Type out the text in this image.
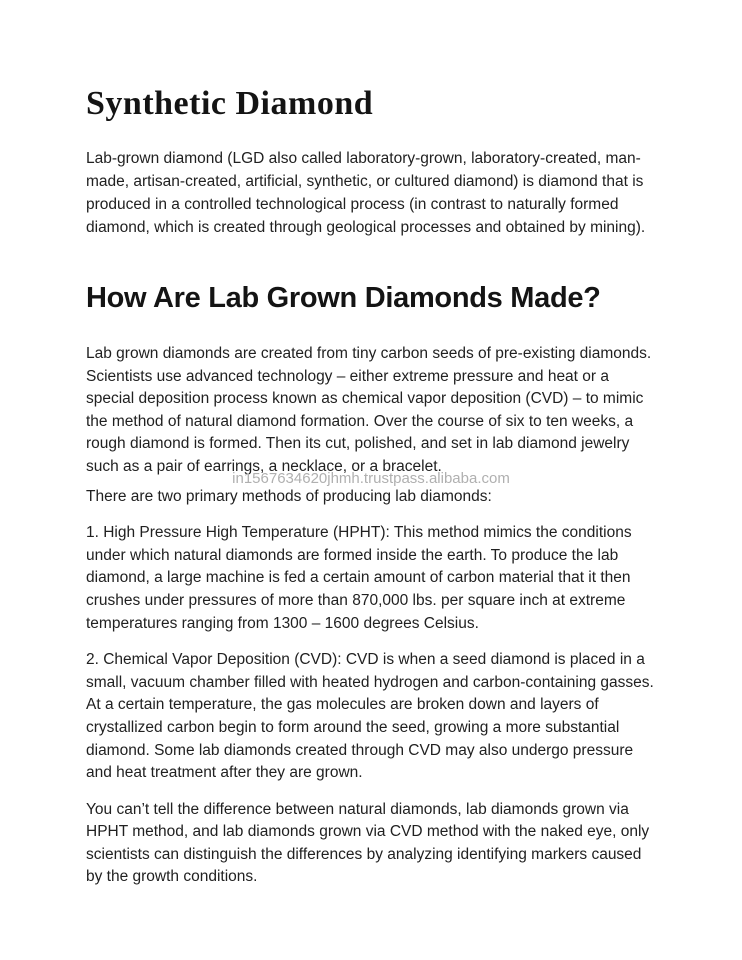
Synthetic Diamond

Lab-grown diamond (LGD also called laboratory-grown, laboratory-created, man-made, artisan-created, artificial, synthetic, or cultured diamond) is diamond that is produced in a controlled technological process (in contrast to naturally formed diamond, which is created through geological processes and obtained by mining).

How Are Lab Grown Diamonds Made?

Lab grown diamonds are created from tiny carbon seeds of pre-existing diamonds. Scientists use advanced technology – either extreme pressure and heat or a special deposition process known as chemical vapor deposition (CVD) – to mimic the method of natural diamond formation. Over the course of six to ten weeks, a rough diamond is formed. Then its cut, polished, and set in lab diamond jewelry such as a pair of earrings, a necklace, or a bracelet.

There are two primary methods of producing lab diamonds:

1. High Pressure High Temperature (HPHT): This method mimics the conditions under which natural diamonds are formed inside the earth. To produce the lab diamond, a large machine is fed a certain amount of carbon material that it then crushes under pressures of more than 870,000 lbs. per square inch at extreme temperatures ranging from 1300 – 1600 degrees Celsius.

2. Chemical Vapor Deposition (CVD): CVD is when a seed diamond is placed in a small, vacuum chamber filled with heated hydrogen and carbon-containing gasses. At a certain temperature, the gas molecules are broken down and layers of crystallized carbon begin to form around the seed, growing a more substantial diamond. Some lab diamonds created through CVD may also undergo pressure and heat treatment after they are grown.

You can’t tell the difference between natural diamonds, lab diamonds grown via HPHT method, and lab diamonds grown via CVD method with the naked eye, only scientists can distinguish the differences by analyzing identifying markers caused by the growth conditions.

in1567634620jhmh.trustpass.alibaba.com
